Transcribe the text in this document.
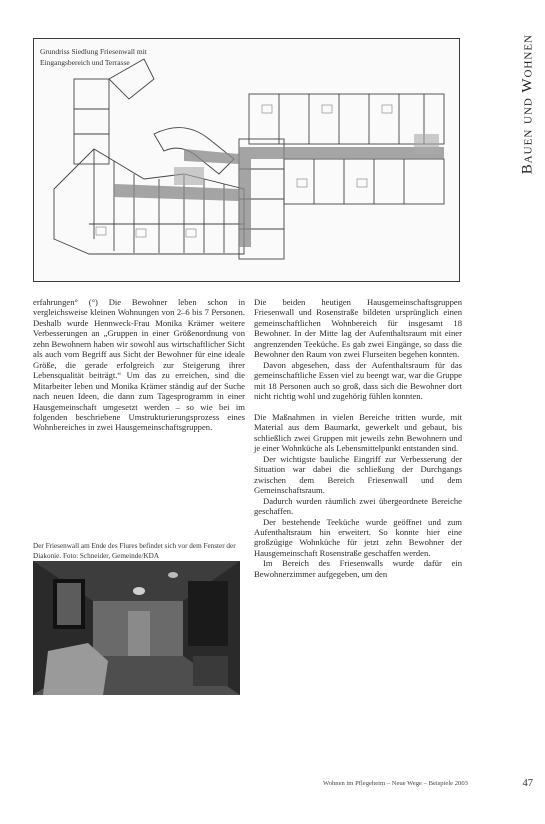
Grundriss Siedlung Friesenwall mit
Eingangsbereich und Terrasse	Bauen und Wohnen

erfahrungen° (°) Die Bewohner leben schon in vergleichsweise kleinen Wohnungen von 2–6 bis 7 Personen. Deshalb wurde Hennweck-Frau Monika Krämer weitere Verbesserungen an „Gruppen in einer Größenordnung von zehn Bewohnern haben wir sowohl aus wirtschaftlicher Sicht als auch vom Begriff aus Sicht der Bewohner für eine ideale Größe, die gerade erfolgreich zur Steigerung ihrer Lebensqualität beiträgt.“ Um das zu erreichen, sind die Mitarbeiter leben und Monika Krämer ständig auf der Suche nach neuen Ideen, die dann zum Tagesprogramm in einer Hausgemeinschaft umgesetzt werden – so wie bei im folgenden beschriebene Umstrukturierungsprozess eines Wohnbereiches in zwei Hausgemeinschaftsgruppen.

Der Friesenwall am Ende des Flures befindet sich vor dem Fenster der Diakonie. Foto: Schneider, Gemeinde/KDA

Die beiden heutigen Hausgemeinschaftsgruppen Friesenwall und Rosenstraße bildeten ursprünglich einen gemeinschaftlichen Wohnbereich für insgesamt 18 Bewohner. In der Mitte lag der Aufenthaltsraum mit einer angrenzenden Teeküche. Es gab zwei Eingänge, so dass die Bewohner den Raum von zwei Flurseiten begehen konnten.

Davon abgesehen, dass der Aufenthaltsraum für das gemeinschaftliche Essen viel zu beengt war, war die Gruppe mit 18 Personen auch so groß, dass sich die Bewohner dort nicht richtig wohl und zugehörig fühlen konnten.

Die Maßnahmen in vielen Bereiche tritten wurde, mit Material aus dem Baumarkt, gewerkelt und gebaut, bis schließlich zwei Gruppen mit jeweils zehn Bewohnern und je einer Wohnküche als Lebensmittelpunkt entstanden sind.

Der wichtigste bauliche Eingriff zur Verbesserung der Situation war dabei die schließung der Durchgangs zwischen dem Bereich Friesenwall und dem Gemeinschaftsraum.

Dadurch wurden räumlich zwei übergeordnete Bereiche geschaffen.

Der bestehende Teeküche wurde geöffnet und zum Aufenthaltsraum hin erweitert. So konnte hier eine großzügige Wohnküche für jetzt zehn Bewohner der Hausgemeinschaft Rosenstraße geschaffen werden.

Im Bereich des Friesenwalls wurde dafür ein Bewohnerzimmer aufgegeben, um den

Wohnen im Pflegeheim – Neue Wege – Beispiele 2003	47
